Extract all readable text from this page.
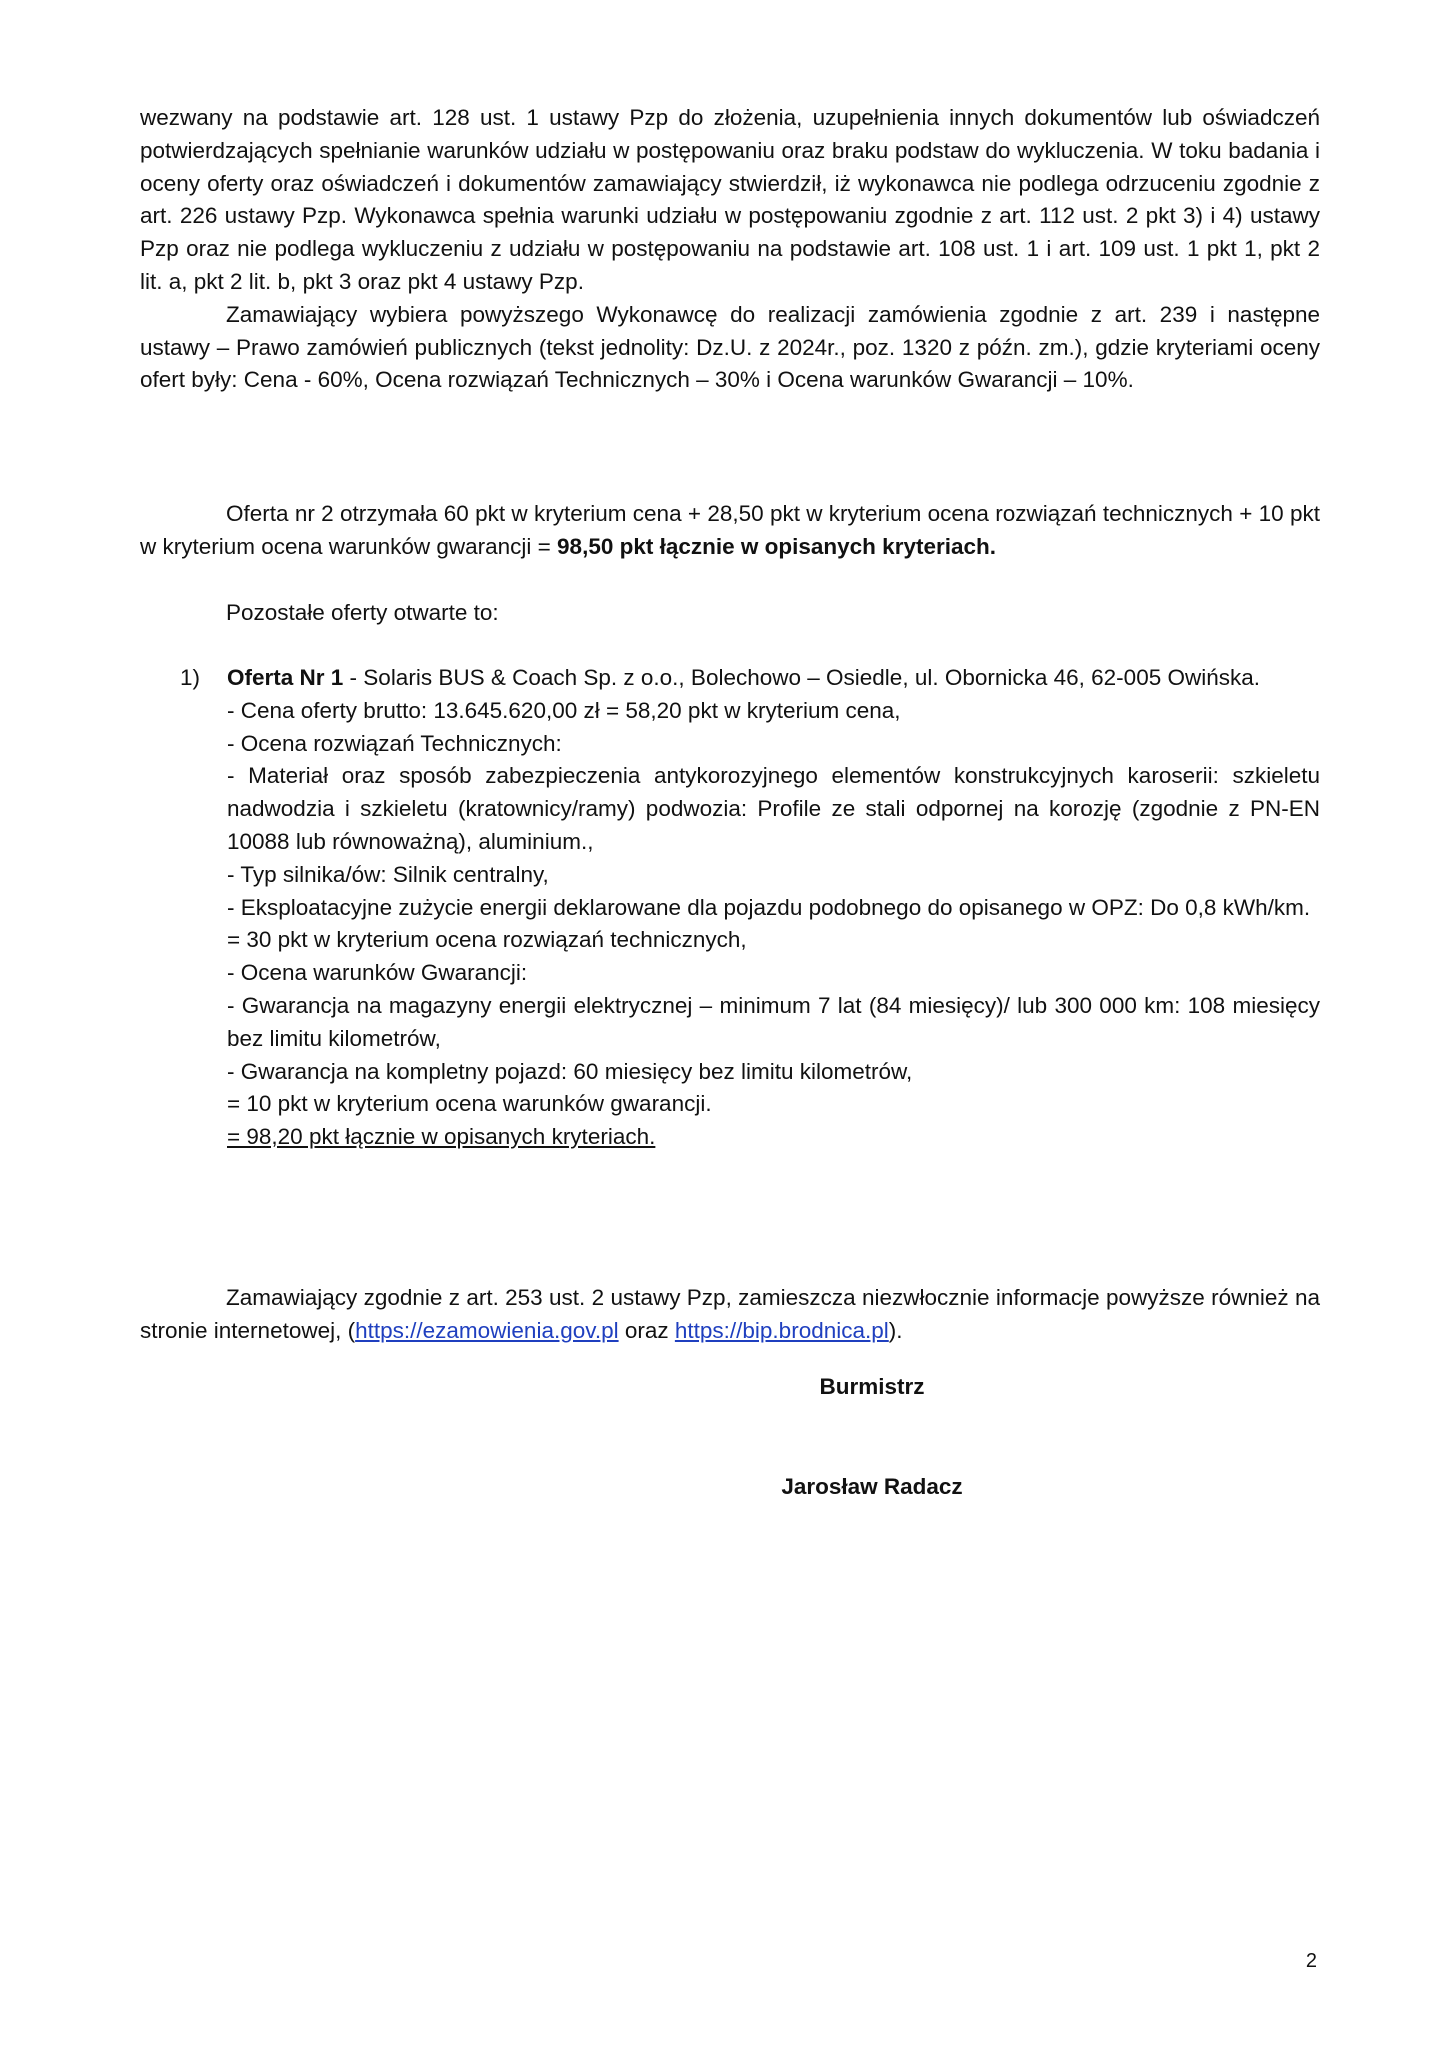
wezwany na podstawie art. 128 ust. 1 ustawy Pzp do złożenia, uzupełnienia innych dokumentów lub oświadczeń potwierdzających spełnianie warunków udziału w postępowaniu oraz braku podstaw do wykluczenia. W toku badania i oceny oferty oraz oświadczeń i dokumentów zamawiający stwierdził, iż wykonawca nie podlega odrzuceniu zgodnie z art. 226 ustawy Pzp. Wykonawca spełnia warunki udziału w postępowaniu zgodnie z art. 112 ust. 2 pkt 3) i 4) ustawy Pzp oraz nie podlega wykluczeniu z udziału w postępowaniu na podstawie art. 108 ust. 1 i art. 109 ust. 1 pkt 1, pkt 2 lit. a, pkt 2 lit. b, pkt 3 oraz pkt 4 ustawy Pzp.

Zamawiający wybiera powyższego Wykonawcę do realizacji zamówienia zgodnie z art. 239 i następne ustawy – Prawo zamówień publicznych (tekst jednolity: Dz.U. z 2024r., poz. 1320 z późn. zm.), gdzie kryteriami oceny ofert były: Cena - 60%, Ocena rozwiązań Technicznych – 30% i Ocena warunków Gwarancji – 10%.

Oferta nr 2 otrzymała 60 pkt w kryterium cena + 28,50 pkt w kryterium ocena rozwiązań technicznych + 10 pkt w kryterium ocena warunków gwarancji = 98,50 pkt łącznie w opisanych kryteriach.

Pozostałe oferty otwarte to:

1) Oferta Nr 1 - Solaris BUS & Coach Sp. z o.o., Bolechowo – Osiedle, ul. Obornicka 46, 62-005 Owińska.

- Cena oferty brutto: 13.645.620,00 zł = 58,20 pkt w kryterium cena,

- Ocena rozwiązań Technicznych:

- Materiał oraz sposób zabezpieczenia antykorozyjnego elementów konstrukcyjnych karoserii: szkieletu nadwodzia i szkieletu (kratownicy/ramy) podwozia: Profile ze stali odpornej na korozję (zgodnie z PN-EN 10088 lub równoważną), aluminium.,

- Typ silnika/ów: Silnik centralny,

- Eksploatacyjne zużycie energii deklarowane dla pojazdu podobnego do opisanego w OPZ: Do 0,8 kWh/km.

= 30 pkt w kryterium ocena rozwiązań technicznych,

- Ocena warunków Gwarancji:

- Gwarancja na magazyny energii elektrycznej – minimum 7 lat (84 miesięcy)/ lub 300 000 km: 108 miesięcy bez limitu kilometrów,

- Gwarancja na kompletny pojazd: 60 miesięcy bez limitu kilometrów,

= 10 pkt w kryterium ocena warunków gwarancji.

= 98,20 pkt łącznie w opisanych kryteriach.

Zamawiający zgodnie z art. 253 ust. 2 ustawy Pzp, zamieszcza niezwłocznie informacje powyższe również na stronie internetowej, (https://ezamowienia.gov.pl oraz https://bip.brodnica.pl).

Burmistrz
Jarosław Radacz
2
